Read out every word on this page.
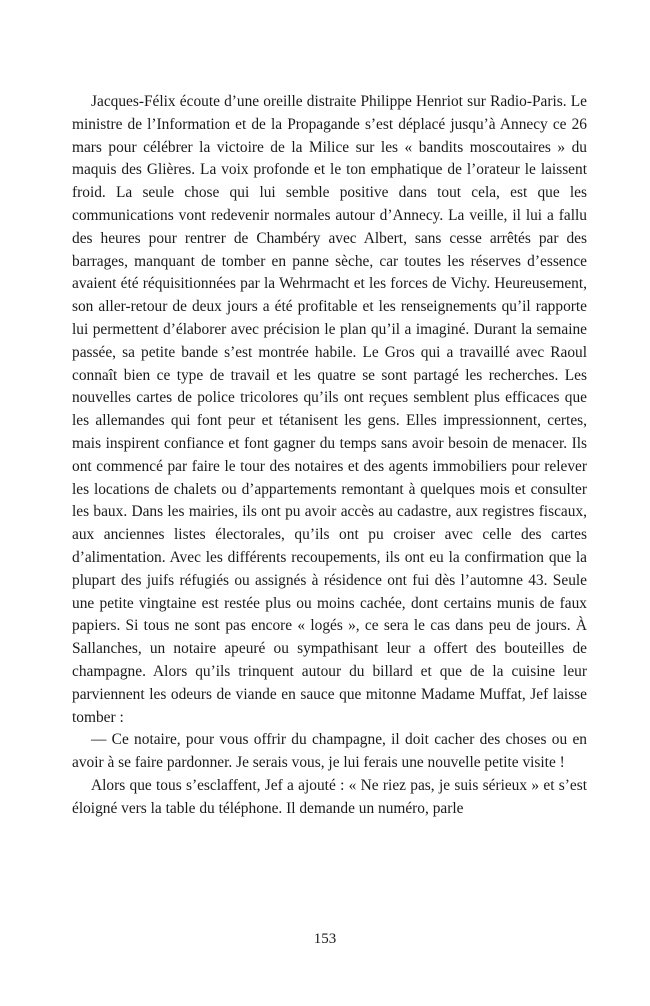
Jacques-Félix écoute d’une oreille distraite Philippe Henriot sur Radio-Paris. Le ministre de l’Information et de la Propagande s’est déplacé jusqu’à Annecy ce 26 mars pour célébrer la victoire de la Milice sur les « bandits moscoutaires » du maquis des Glières. La voix profonde et le ton emphatique de l’orateur le laissent froid. La seule chose qui lui semble positive dans tout cela, est que les communications vont redevenir normales autour d’Annecy. La veille, il lui a fallu des heures pour rentrer de Chambéry avec Albert, sans cesse arrêtés par des barrages, manquant de tomber en panne sèche, car toutes les réserves d’essence avaient été réquisitionnées par la Wehrmacht et les forces de Vichy. Heureusement, son aller-retour de deux jours a été profitable et les renseignements qu’il rapporte lui permettent d’élaborer avec précision le plan qu’il a imaginé. Durant la semaine passée, sa petite bande s’est montrée habile. Le Gros qui a travaillé avec Raoul connaît bien ce type de travail et les quatre se sont partagé les recherches. Les nouvelles cartes de police tricolores qu’ils ont reçues semblent plus efficaces que les allemandes qui font peur et tétanisent les gens. Elles impressionnent, certes, mais inspirent confiance et font gagner du temps sans avoir besoin de menacer. Ils ont commencé par faire le tour des notaires et des agents immobiliers pour relever les locations de chalets ou d’appartements remontant à quelques mois et consulter les baux. Dans les mairies, ils ont pu avoir accès au cadastre, aux registres fiscaux, aux anciennes listes électorales, qu’ils ont pu croiser avec celle des cartes d’alimentation. Avec les différents recoupements, ils ont eu la confirmation que la plupart des juifs réfugiés ou assignés à résidence ont fui dès l’automne 43. Seule une petite vingtaine est restée plus ou moins cachée, dont certains munis de faux papiers. Si tous ne sont pas encore « logés », ce sera le cas dans peu de jours. À Sallanches, un notaire apeuré ou sympathisant leur a offert des bouteilles de champagne. Alors qu’ils trinquent autour du billard et que de la cuisine leur parviennent les odeurs de viande en sauce que mitonne Madame Muffat, Jef laisse tomber :

— Ce notaire, pour vous offrir du champagne, il doit cacher des choses ou en avoir à se faire pardonner. Je serais vous, je lui ferais une nouvelle petite visite !

Alors que tous s’esclaffent, Jef a ajouté : « Ne riez pas, je suis sérieux » et s’est éloigné vers la table du téléphone. Il demande un numéro, parle

153
